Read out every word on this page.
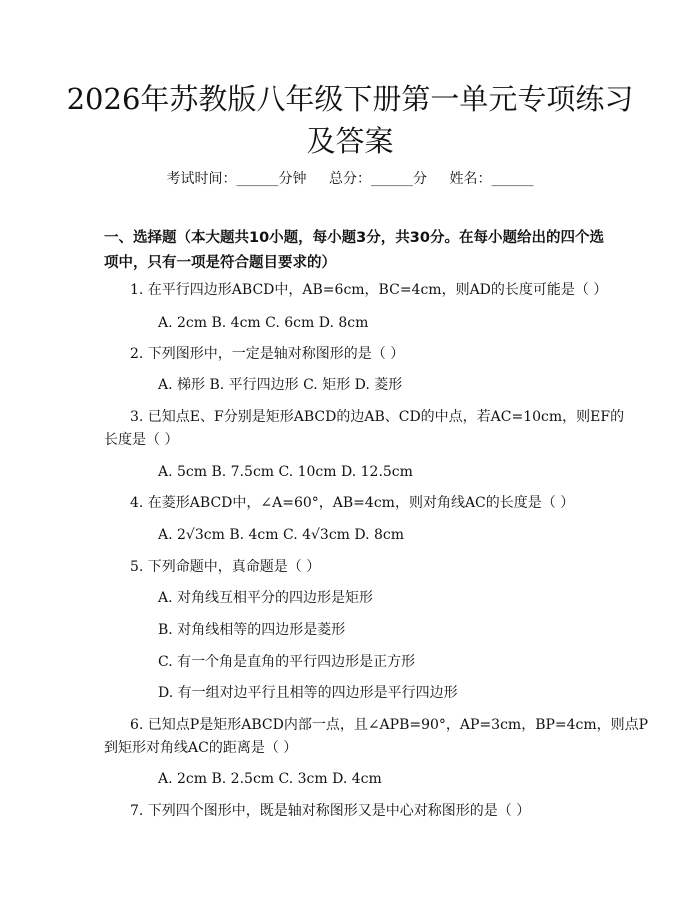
2026年苏教版八年级下册第一单元专项练习
及答案
考试时间：______分钟 总分：______分 姓名：______
一、选择题（本大题共10小题，每小题3分，共30分。在每小题给出的四个选
项中，只有一项是符合题目要求的）
1. 在平行四边形ABCD中，AB=6cm，BC=4cm，则AD的长度可能是（ ）
A. 2cm B. 4cm C. 6cm D. 8cm
2. 下列图形中，一定是轴对称图形的是（ ）
A. 梯形 B. 平行四边形 C. 矩形 D. 菱形
3. 已知点E、F分别是矩形ABCD的边AB、CD的中点，若AC=10cm，则EF的
长度是（ ）
A. 5cm B. 7.5cm C. 10cm D. 12.5cm
4. 在菱形ABCD中，∠A=60°，AB=4cm，则对角线AC的长度是（ ）
A. 2√3cm B. 4cm C. 4√3cm D. 8cm
5. 下列命题中，真命题是（ ）
A. 对角线互相平分的四边形是矩形
B. 对角线相等的四边形是菱形
C. 有一个角是直角的平行四边形是正方形
D. 有一组对边平行且相等的四边形是平行四边形
6. 已知点P是矩形ABCD内部一点，且∠APB=90°，AP=3cm，BP=4cm，则点P
到矩形对角线AC的距离是（ ）
A. 2cm B. 2.5cm C. 3cm D. 4cm
7. 下列四个图形中，既是轴对称图形又是中心对称图形的是（ ）
